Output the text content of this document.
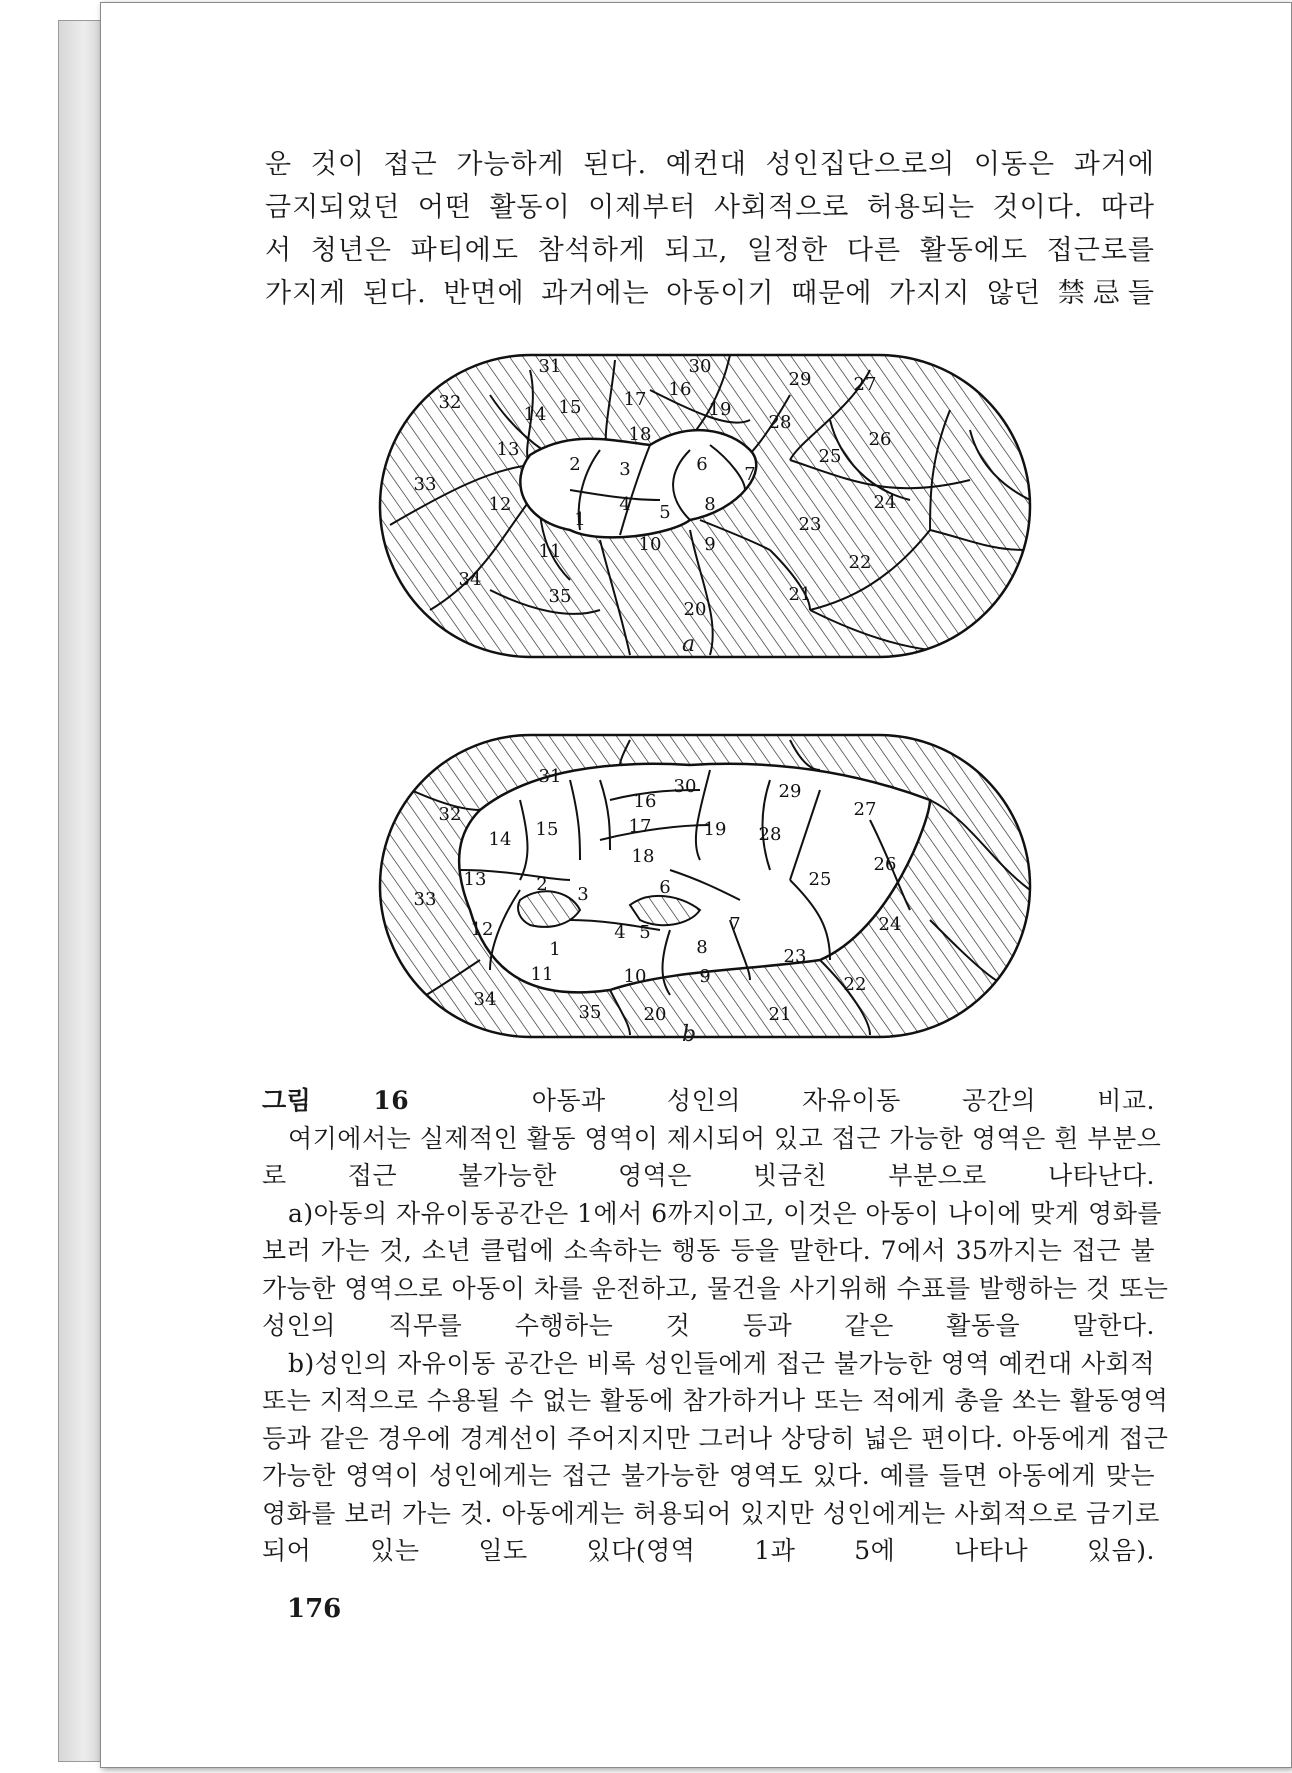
운 것이 접근 가능하게 된다. 예컨대 성인집단으로의 이동은 과거에
금지되었던 어떤 활동이 이제부터 사회적으로 허용되는 것이다. 따라
서 청년은 파티에도 참석하게 되고, 일정한 다른 활동에도 접근로를
가지게 된다. 반면에 과거에는 아동이기 때문에 가지지 않던 禁忌들
1
2 3
4 5
6 7
8
9
10
11
12
13
14 15
16
17
18
19
20
21
22
23
24
25
26
27
28
29
30
31
32
33
34
35
a
1
2 3
4 5
6
7
8
9
10
11
12
13
14 15
16
17
18
19
20	21
22
23
24
25
26
27
28
29
30
31
32
33
34
35
b
그림 16	아동과 성인의 자유이동 공간의 비교.
여기에서는 실제적인 활동 영역이 제시되어 있고 접근 가능한 영역은 흰 부분으
로 접근 불가능한 영역은 빗금친 부분으로 나타난다.
a)아동의 자유이동공간은 1에서 6까지이고, 이것은 아동이 나이에 맞게 영화를
보러 가는 것, 소년 클럽에 소속하는 행동 등을 말한다. 7에서 35까지는 접근 불
가능한 영역으로 아동이 차를 운전하고, 물건을 사기위해 수표를 발행하는 것 또는
성인의 직무를 수행하는 것 등과 같은 활동을 말한다.
b)성인의 자유이동 공간은 비록 성인들에게 접근 불가능한 영역 예컨대 사회적
또는 지적으로 수용될 수 없는 활동에 참가하거나 또는 적에게 총을 쏘는 활동영역
등과 같은 경우에 경계선이 주어지지만 그러나 상당히 넓은 편이다. 아동에게 접근
가능한 영역이 성인에게는 접근 불가능한 영역도 있다. 예를 들면 아동에게 맞는
영화를 보러 가는 것. 아동에게는 허용되어 있지만 성인에게는 사회적으로 금기로
되어 있는 일도 있다(영역 1과 5에 나타나 있음).
176
